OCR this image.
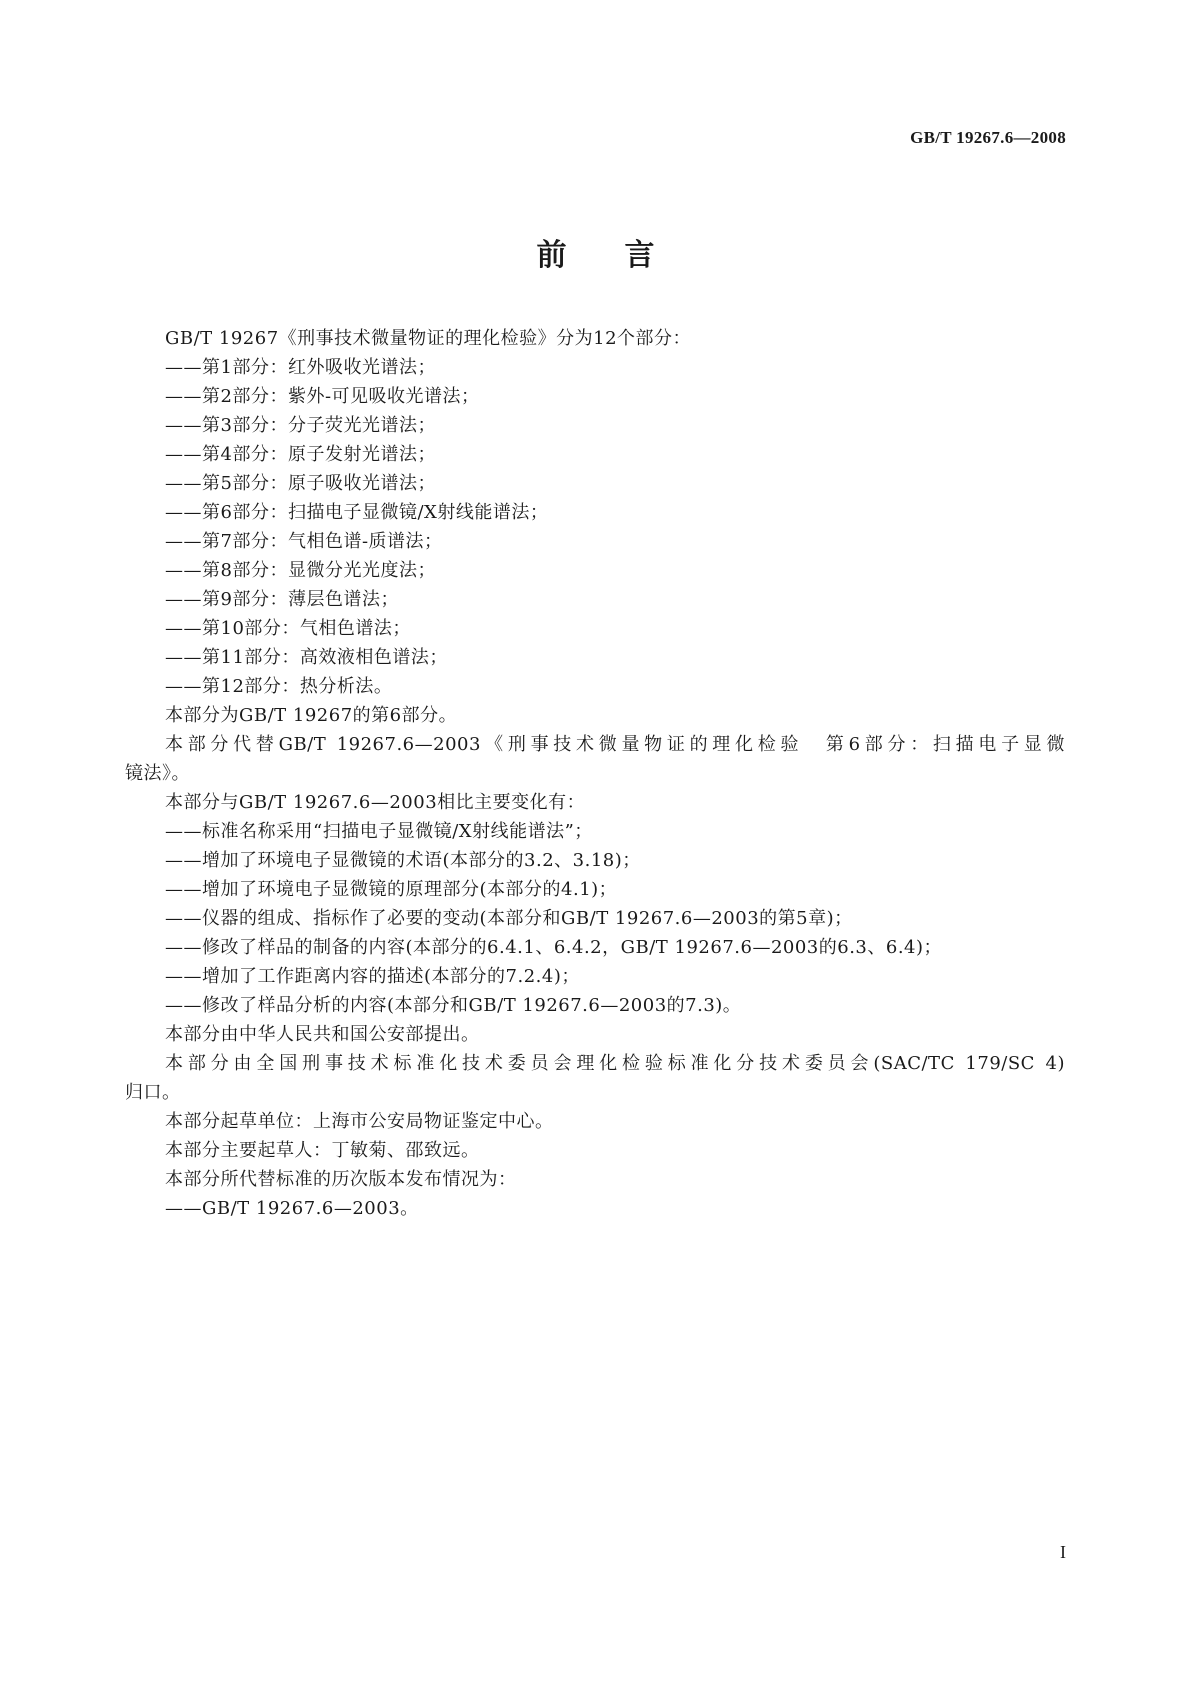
GB/T 19267.6—2008
前言
GB/T 19267《刑事技术微量物证的理化检验》分为12个部分：
——第1部分：红外吸收光谱法；
——第2部分：紫外-可见吸收光谱法；
——第3部分：分子荧光光谱法；
——第4部分：原子发射光谱法；
——第5部分：原子吸收光谱法；
——第6部分：扫描电子显微镜/X射线能谱法；
——第7部分：气相色谱-质谱法；
——第8部分：显微分光光度法；
——第9部分：薄层色谱法；
——第10部分：气相色谱法；
——第11部分：高效液相色谱法；
——第12部分：热分析法。
本部分为GB/T 19267的第6部分。
本部分代替GB/T 19267.6—2003《刑事技术微量物证的理化检验　第6部分：扫描电子显微
镜法》。
本部分与GB/T 19267.6—2003相比主要变化有：
——标准名称采用“扫描电子显微镜/X射线能谱法”；
——增加了环境电子显微镜的术语(本部分的3.2、3.18)；
——增加了环境电子显微镜的原理部分(本部分的4.1)；
——仪器的组成、指标作了必要的变动(本部分和GB/T 19267.6—2003的第5章)；
——修改了样品的制备的内容(本部分的6.4.1、6.4.2，GB/T 19267.6—2003的6.3、6.4)；
——增加了工作距离内容的描述(本部分的7.2.4)；
——修改了样品分析的内容(本部分和GB/T 19267.6—2003的7.3)。
本部分由中华人民共和国公安部提出。
本部分由全国刑事技术标准化技术委员会理化检验标准化分技术委员会(SAC/TC 179/SC 4)
归口。
本部分起草单位：上海市公安局物证鉴定中心。
本部分主要起草人：丁敏菊、邵致远。
本部分所代替标准的历次版本发布情况为：
——GB/T 19267.6—2003。
I
